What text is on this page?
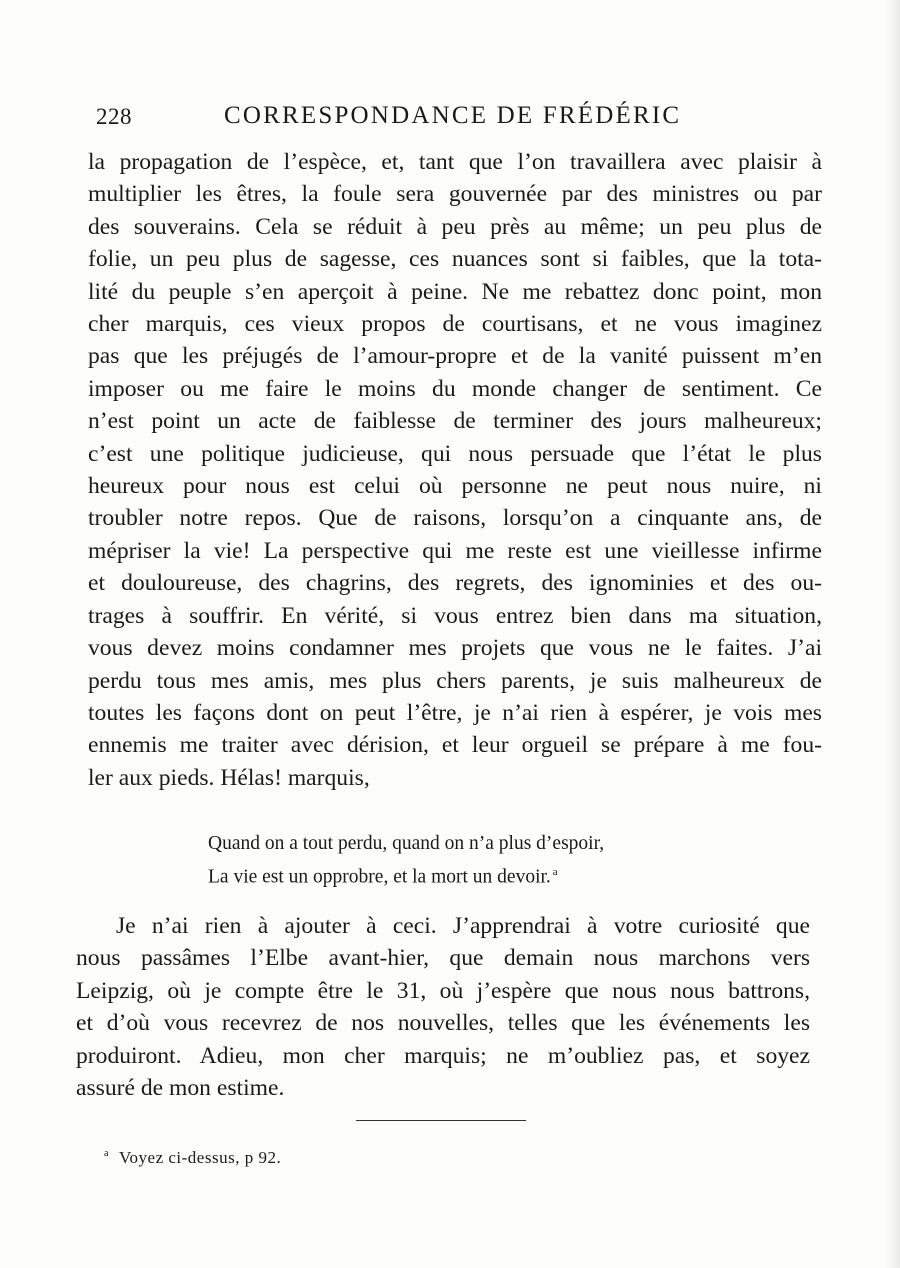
228	CORRESPONDANCE DE FRÉDÉRIC
la propagation de l’espèce, et, tant que l’on travaillera avec plaisir à
multiplier les êtres, la foule sera gouvernée par des ministres ou par
des souverains. Cela se réduit à peu près au même; un peu plus de
folie, un peu plus de sagesse, ces nuances sont si faibles, que la tota-
lité du peuple s’en aperçoit à peine. Ne me rebattez donc point, mon
cher marquis, ces vieux propos de courtisans, et ne vous imaginez
pas que les préjugés de l’amour-propre et de la vanité puissent m’en
imposer ou me faire le moins du monde changer de sentiment. Ce
n’est point un acte de faiblesse de terminer des jours malheureux;
c’est une politique judicieuse, qui nous persuade que l’état le plus
heureux pour nous est celui où personne ne peut nous nuire, ni
troubler notre repos. Que de raisons, lorsqu’on a cinquante ans, de
mépriser la vie! La perspective qui me reste est une vieillesse infirme
et douloureuse, des chagrins, des regrets, des ignominies et des ou-
trages à souffrir. En vérité, si vous entrez bien dans ma situation,
vous devez moins condamner mes projets que vous ne le faites. J’ai
perdu tous mes amis, mes plus chers parents, je suis malheureux de
toutes les façons dont on peut l’être, je n’ai rien à espérer, je vois mes
ennemis me traiter avec dérision, et leur orgueil se prépare à me fou-
ler aux pieds. Hélas! marquis,
Quand on a tout perdu, quand on n’a plus d’espoir,
La vie est un opprobre, et la mort un devoir. $^a$
Je n’ai rien à ajouter à ceci. J’apprendrai à votre curiosité que
nous passâmes l’Elbe avant-hier, que demain nous marchons vers
Leipzig, où je compte être le 31, où j’espère que nous nous battrons,
et d’où vous recevrez de nos nouvelles, telles que les événements les
produiront. Adieu, mon cher marquis; ne m’oubliez pas, et soyez
assuré de mon estime.
$^a$ Voyez ci-dessus, p 92.
